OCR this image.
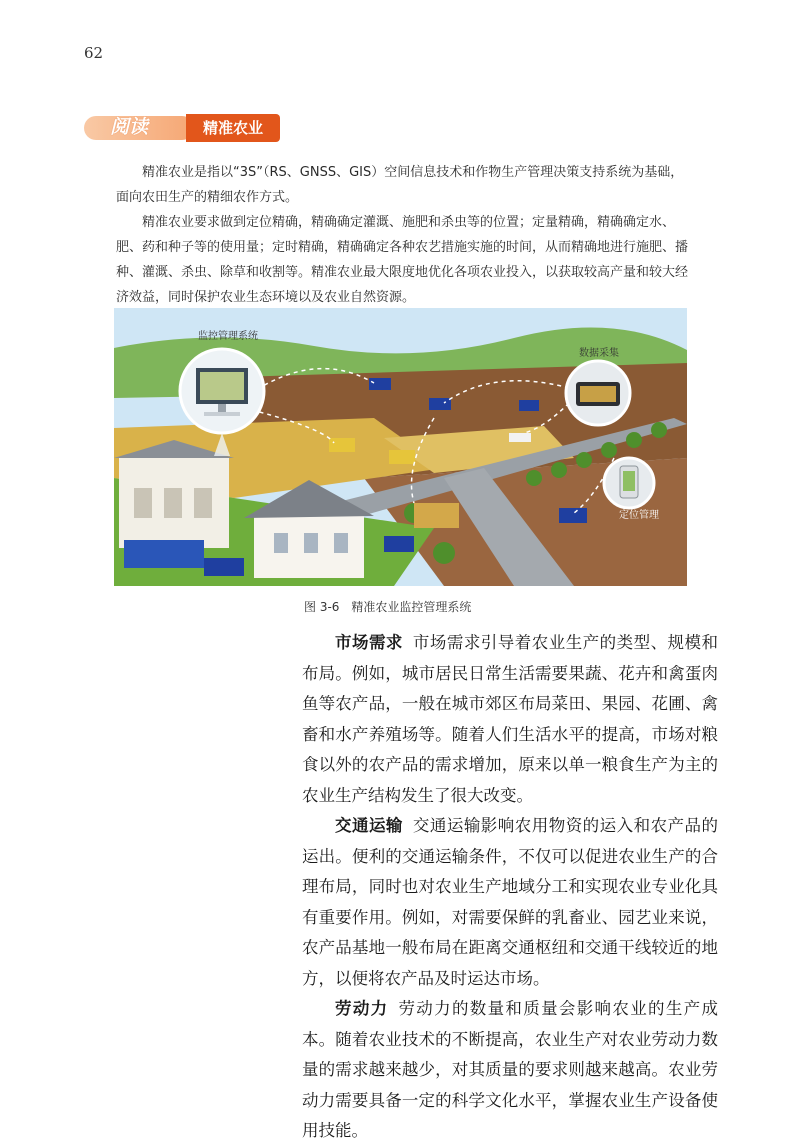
62
阅读	精准农业

精准农业是指以“3S”（RS、GNSS、GIS）空间信息技术和作物生产管理决策支持系统为基础，面向农田生产的精细农作方式。

精准农业要求做到定位精确，精确确定灌溉、施肥和杀虫等的位置；定量精确，精确确定水、肥、药和种子等的使用量；定时精确，精确确定各种农艺措施实施的时间，从而精确地进行施肥、播种、灌溉、杀虫、除草和收割等。精准农业最大限度地优化各项农业投入，以获取较高产量和较大经济效益，同时保护农业生态环境以及农业自然资源。

监控管理系统
数据采集
定位管理
图 3-6　精准农业监控管理系统

市场需求 市场需求引导着农业生产的类型、规模和布局。例如，城市居民日常生活需要果蔬、花卉和禽蛋肉鱼等农产品，一般在城市郊区布局菜田、果园、花圃、禽畜和水产养殖场等。随着人们生活水平的提高，市场对粮食以外的农产品的需求增加，原来以单一粮食生产为主的农业生产结构发生了很大改变。

交通运输 交通运输影响农用物资的运入和农产品的运出。便利的交通运输条件，不仅可以促进农业生产的合理布局，同时也对农业生产地域分工和实现农业专业化具有重要作用。例如，对需要保鲜的乳畜业、园艺业来说，农产品基地一般布局在距离交通枢纽和交通干线较近的地方，以便将农产品及时运达市场。

劳动力 劳动力的数量和质量会影响农业的生产成本。随着农业技术的不断提高，农业生产对农业劳动力数量的需求越来越少，对其质量的要求则越来越高。农业劳动力需要具备一定的科学文化水平，掌握农业生产设备使用技能。
